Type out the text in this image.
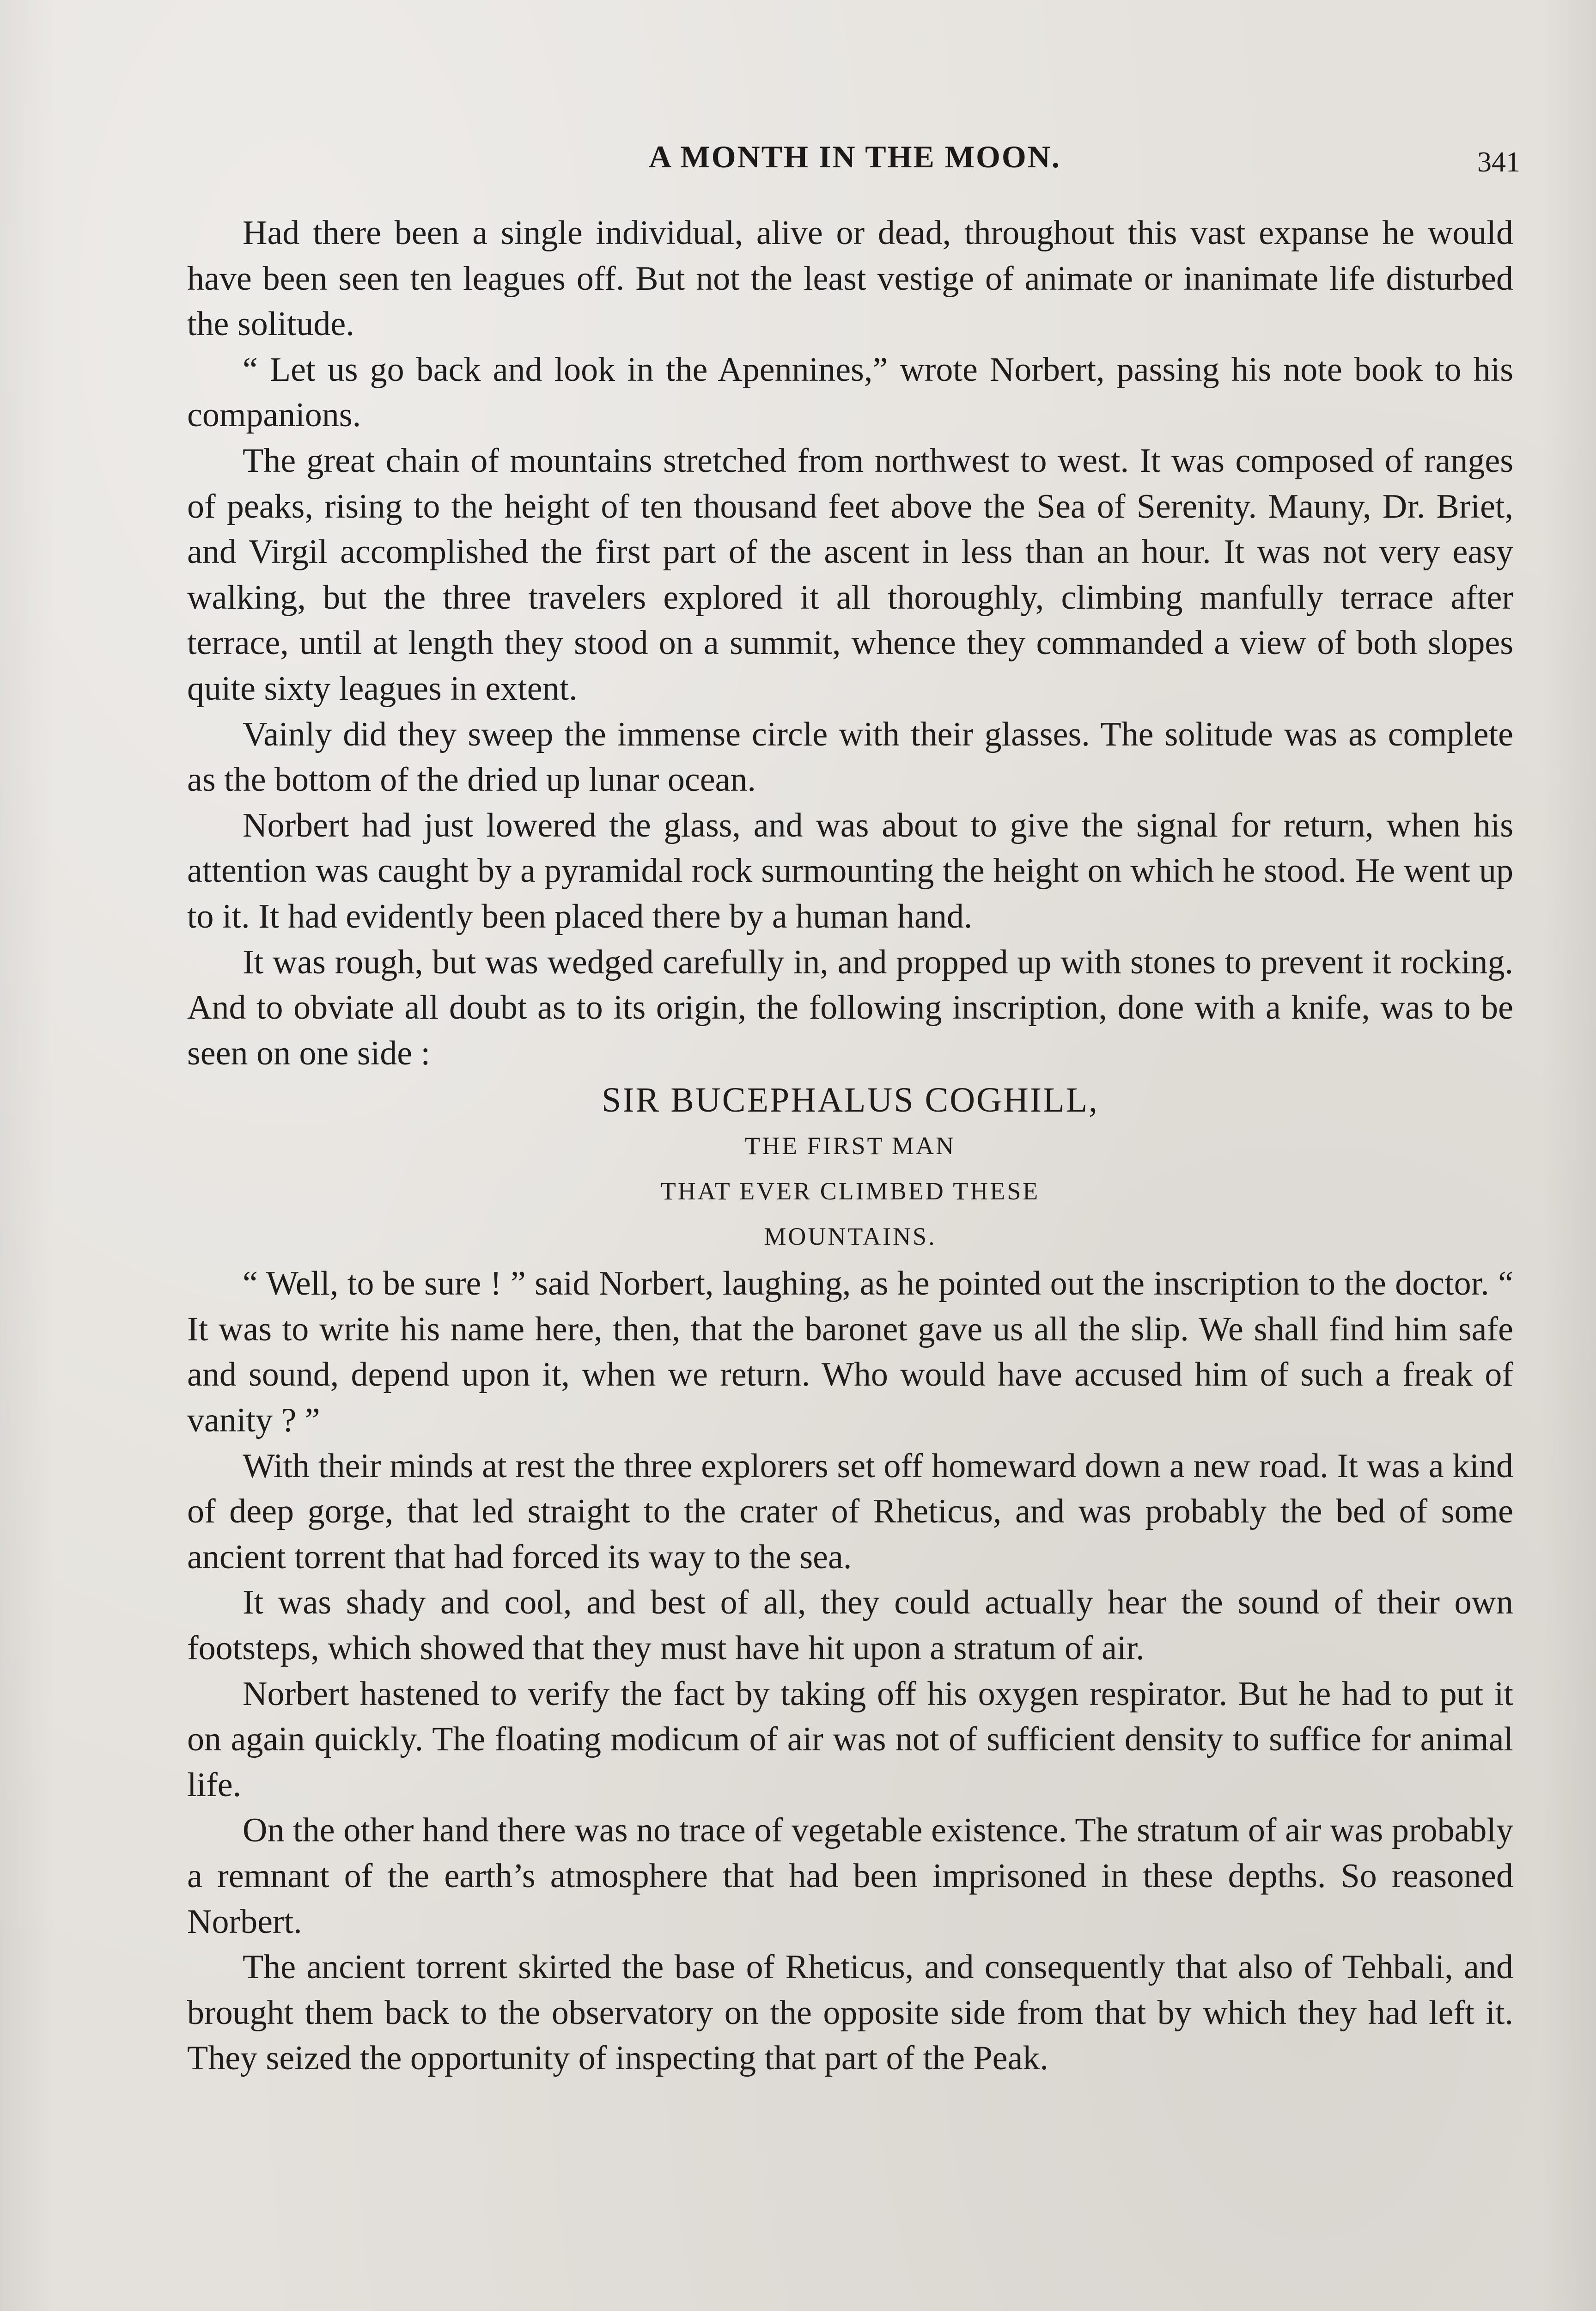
A MONTH IN THE MOON.	341

Had there been a single individual, alive or dead, throughout this vast expanse he would have been seen ten leagues off. But not the least vestige of animate or inanimate life disturbed the solitude.

“ Let us go back and look in the Apennines,” wrote Norbert, passing his note book to his companions.

The great chain of mountains stretched from northwest to west. It was composed of ranges of peaks, rising to the height of ten thousand feet above the Sea of Serenity. Mauny, Dr. Briet, and Virgil accomplished the first part of the ascent in less than an hour. It was not very easy walking, but the three travelers explored it all thoroughly, climbing manfully terrace after terrace, until at length they stood on a summit, whence they commanded a view of both slopes quite sixty leagues in extent.

Vainly did they sweep the immense circle with their glasses. The solitude was as complete as the bottom of the dried up lunar ocean.

Norbert had just lowered the glass, and was about to give the signal for return, when his attention was caught by a pyramidal rock surmounting the height on which he stood. He went up to it. It had evidently been placed there by a human hand.

It was rough, but was wedged carefully in, and propped up with stones to prevent it rocking. And to obviate all doubt as to its origin, the following inscription, done with a knife, was to be seen on one side :

SIR BUCEPHALUS COGHILL,
THE FIRST MAN
THAT EVER CLIMBED THESE
MOUNTAINS.

“ Well, to be sure ! ” said Norbert, laughing, as he pointed out the inscription to the doctor. “ It was to write his name here, then, that the baronet gave us all the slip. We shall find him safe and sound, depend upon it, when we return. Who would have accused him of such a freak of vanity ? ”

With their minds at rest the three explorers set off homeward down a new road. It was a kind of deep gorge, that led straight to the crater of Rheticus, and was probably the bed of some ancient torrent that had forced its way to the sea.

It was shady and cool, and best of all, they could actually hear the sound of their own footsteps, which showed that they must have hit upon a stratum of air.

Norbert hastened to verify the fact by taking off his oxygen respirator. But he had to put it on again quickly. The floating modicum of air was not of sufficient density to suffice for animal life.

On the other hand there was no trace of vegetable existence. The stratum of air was probably a remnant of the earth’s atmosphere that had been imprisoned in these depths. So reasoned Norbert.

The ancient torrent skirted the base of Rheticus, and consequently that also of Tehbali, and brought them back to the observatory on the opposite side from that by which they had left it. They seized the opportunity of inspecting that part of the Peak.
